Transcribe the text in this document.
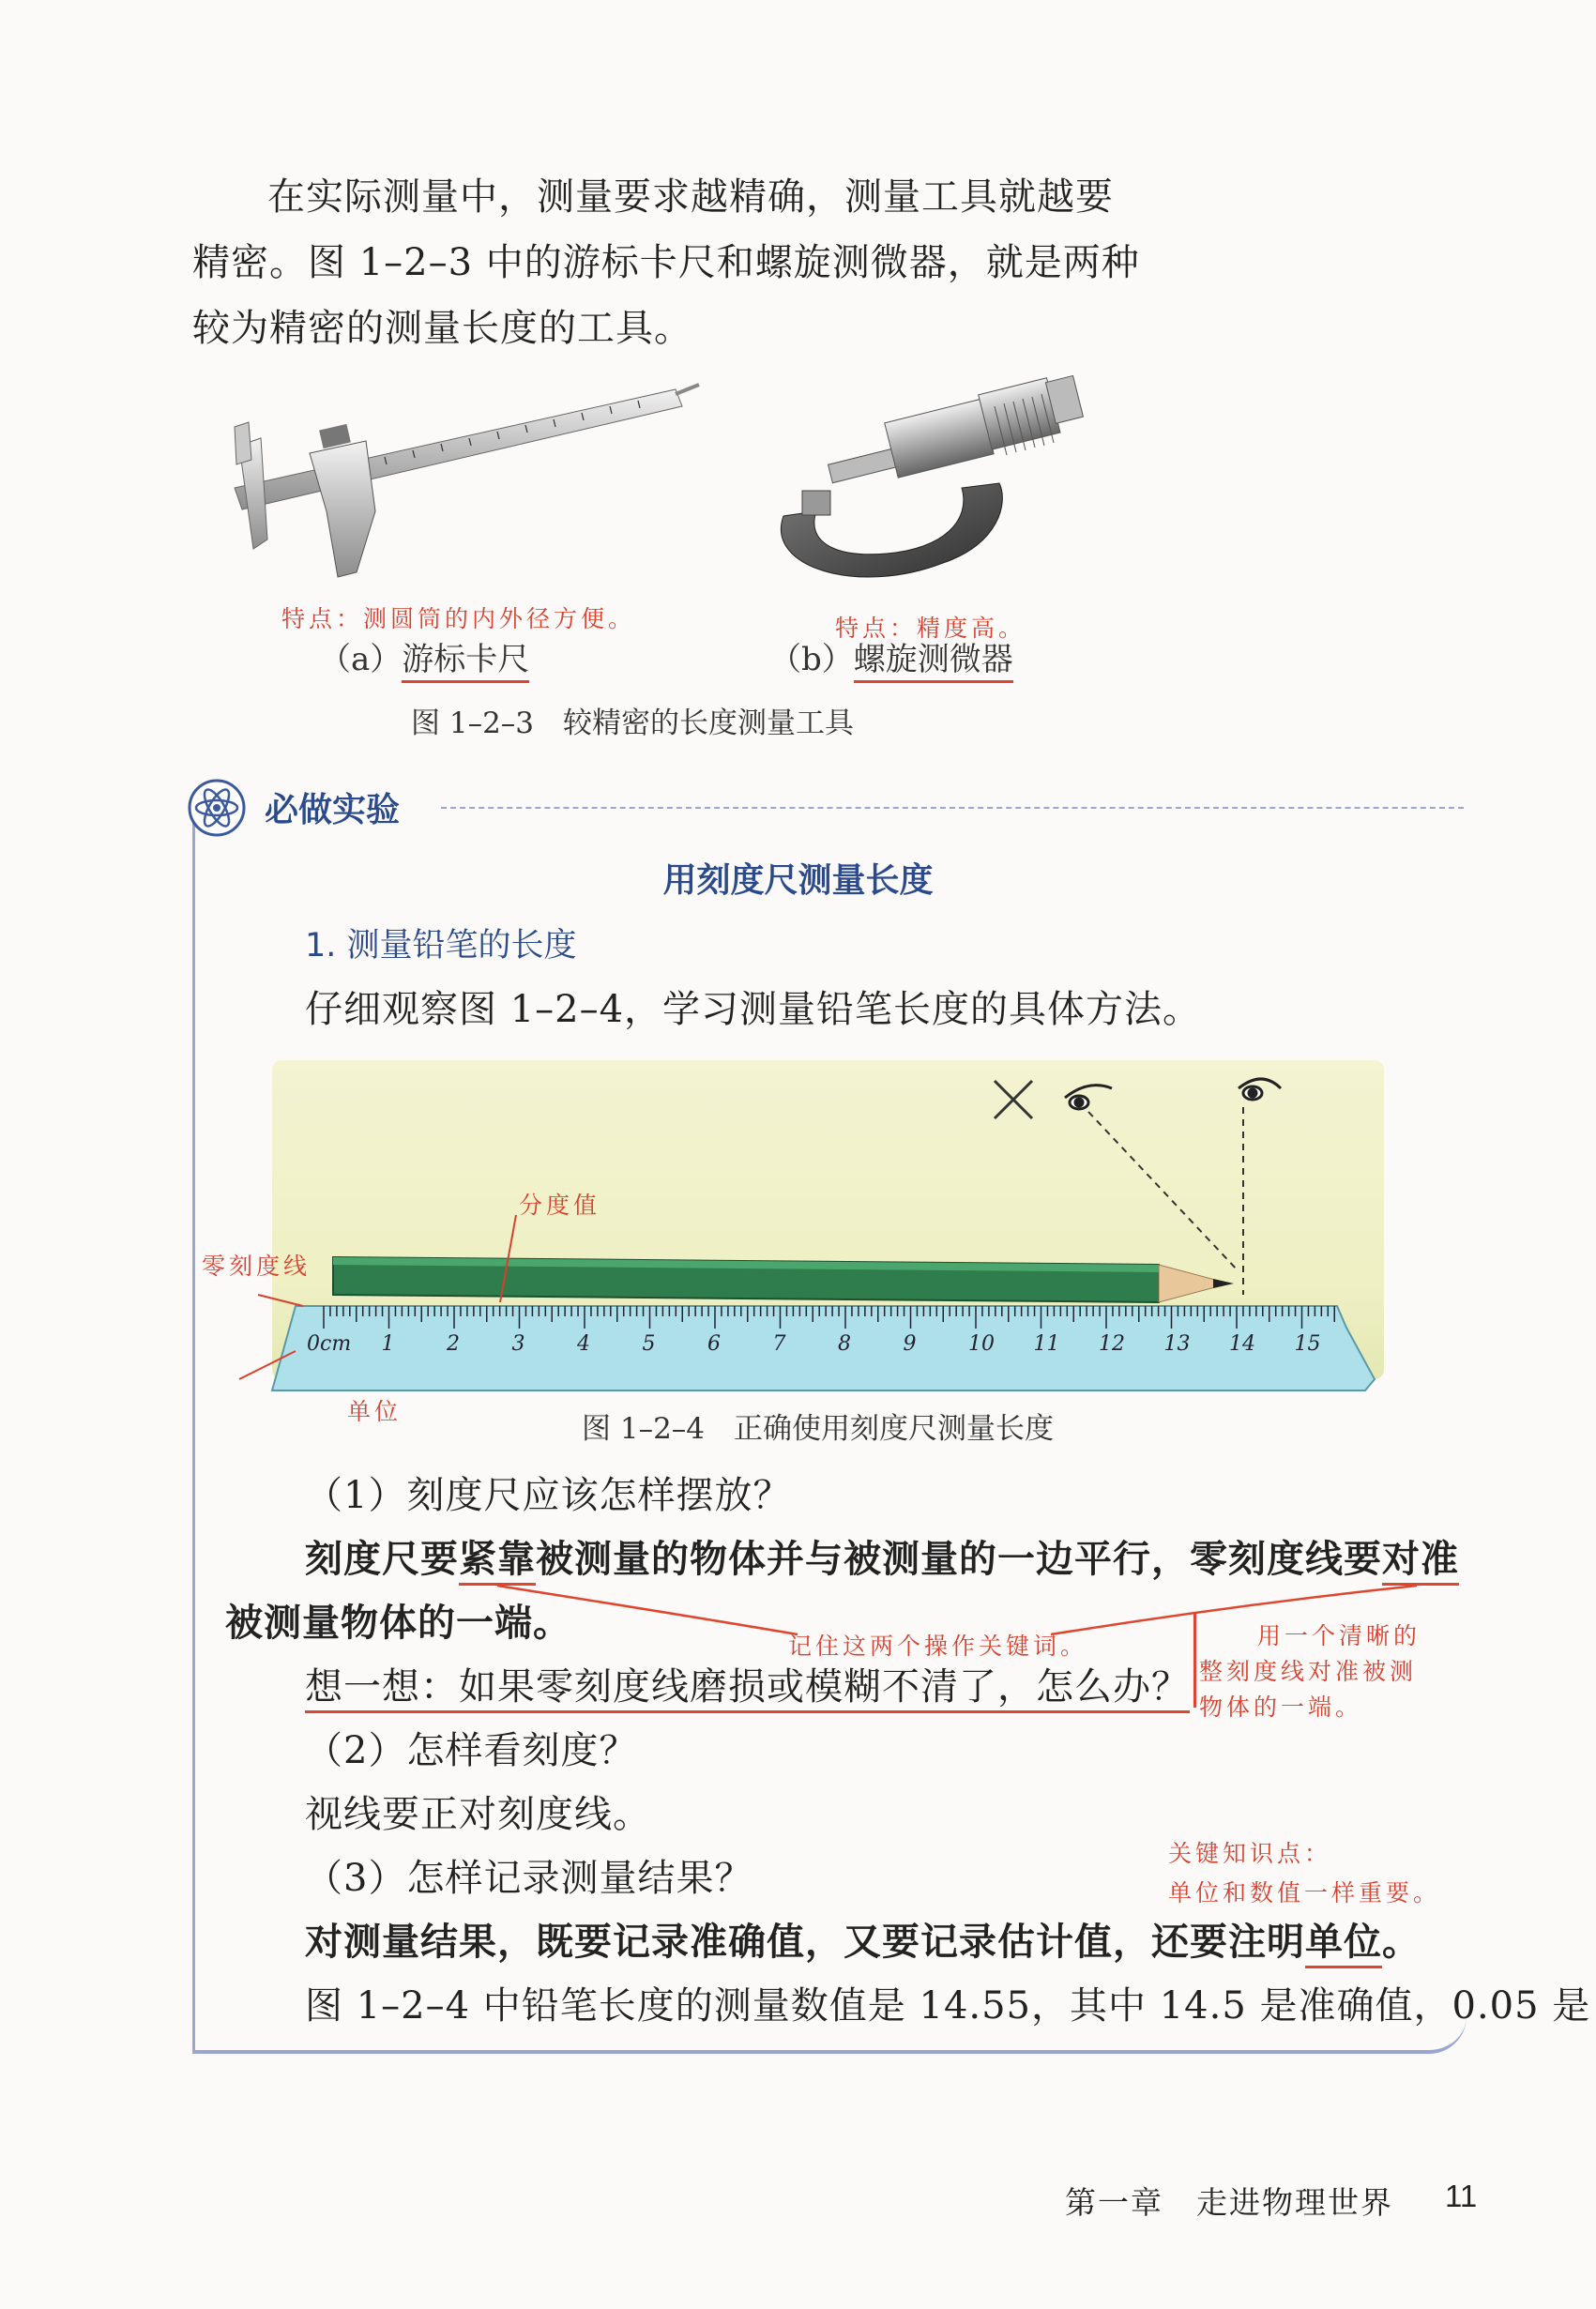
在实际测量中，测量要求越精确，测量工具就越要
精密。图 1–2–3 中的游标卡尺和螺旋测微器，就是两种
较为精密的测量长度的工具。
特点：测圆筒的内外径方便。	特点：精度高。
（a）游标卡尺	（b）螺旋测微器
图 1–2–3　较精密的长度测量工具
必做实验
用刻度尺测量长度
1. 测量铅笔的长度
仔细观察图 1–2–4，学习测量铅笔长度的具体方法。
0cm 1	2	3	4	5	6	7	8	9	10 11 12 13 14 15
分度值
零刻度线
单位
图 1–2–4　正确使用刻度尺测量长度
（1）刻度尺应该怎样摆放？
刻度尺要紧靠被测量的物体并与被测量的一边平行，零刻度线要对准
被测量物体的一端。
记住这两个操作关键词。
想一想：如果零刻度线磨损或模糊不清了，怎么办？
用一个清晰的
整刻度线对准被测
物体的一端。
（2）怎样看刻度？
视线要正对刻度线。
（3）怎样记录测量结果？
关键知识点：
单位和数值一样重要。
对测量结果，既要记录准确值，又要记录估计值，还要注明单位。
图 1–2–4 中铅笔长度的测量数值是 14.55，其中 14.5 是准确值，0.05 是
第一章　走进物理世界 11
